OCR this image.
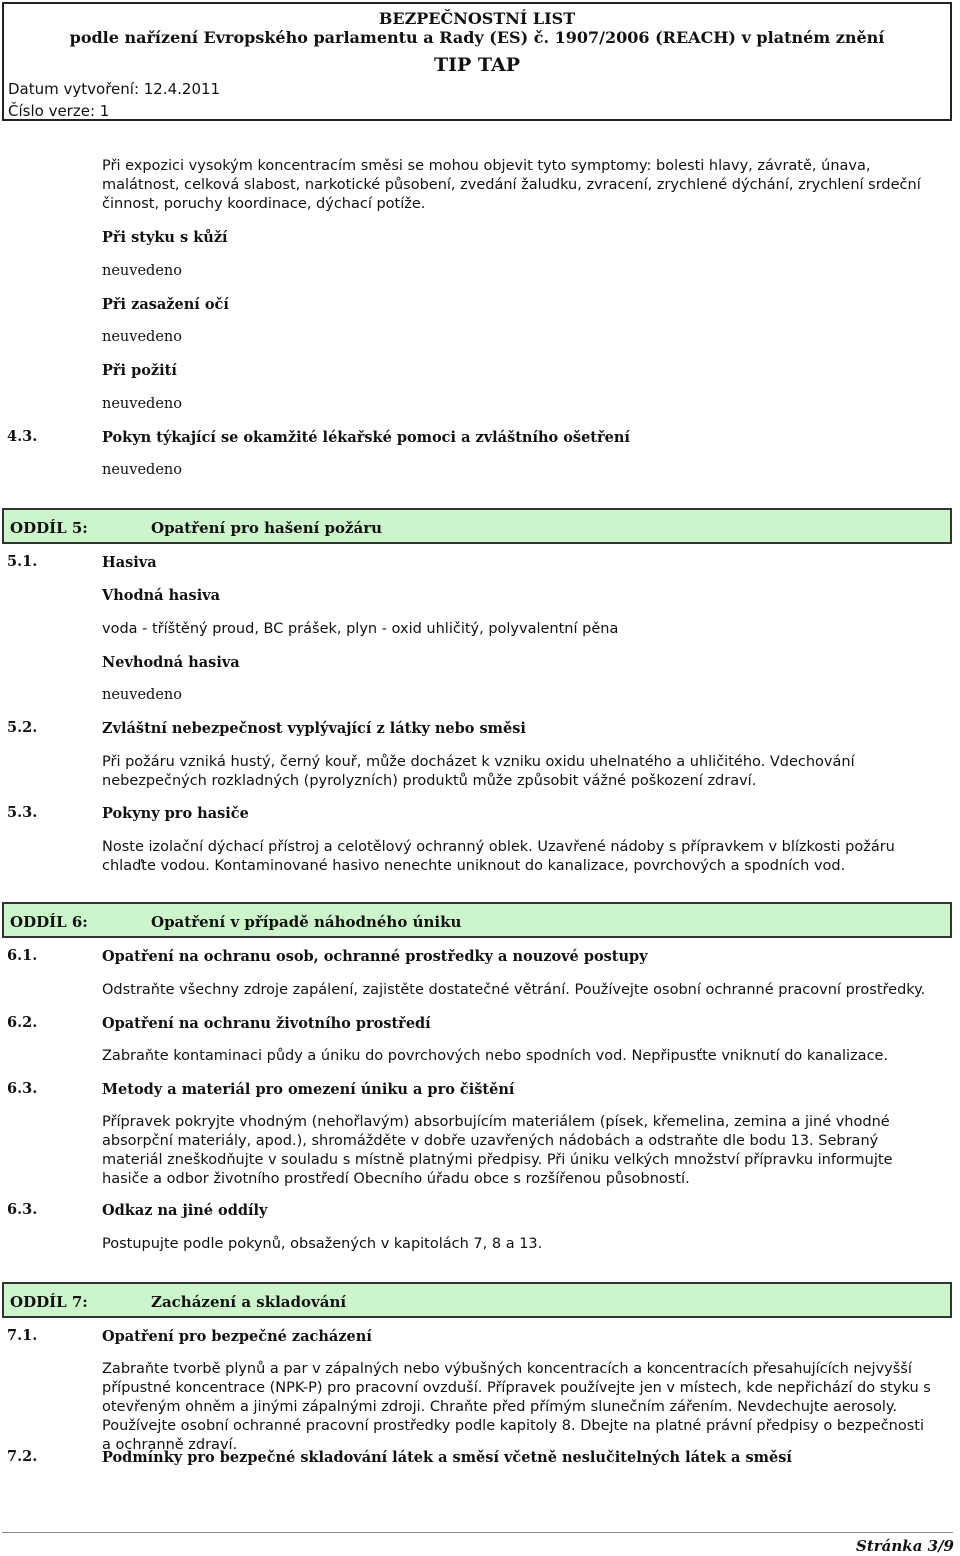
BEZPEČNOSTNÍ LIST
podle nařízení Evropského parlamentu a Rady (ES) č. 1907/2006 (REACH) v platném znění
TIP TAP
Datum vytvoření: 12.4.2011
Číslo verze: 1
Při expozici vysokým koncentracím směsi se mohou objevit tyto symptomy: bolesti hlavy, závratě, únava, malátnost, celková slabost, narkotické působení, zvedání žaludku, zvracení, zrychlené dýchání, zrychlení srdeční činnost, poruchy koordinace, dýchací potíže.
Při styku s kůží
neuvedeno
Při zasažení očí
neuvedeno
Při požití
neuvedeno
4.3.	Pokyn týkající se okamžité lékařské pomoci a zvláštního ošetření
neuvedeno
ODDÍL 5:	Opatření pro hašení požáru
5.1.	Hasiva
Vhodná hasiva
voda - tříštěný proud, BC prášek, plyn - oxid uhličitý, polyvalentní pěna
Nevhodná hasiva
neuvedeno
5.2.	Zvláštní nebezpečnost vyplývající z látky nebo směsi
Při požáru vzniká hustý, černý kouř, může docházet k vzniku oxidu uhelnatého a uhličitého. Vdechování nebezpečných rozkladných (pyrolyzních) produktů může způsobit vážné poškození zdraví.
5.3.	Pokyny pro hasiče
Noste izolační dýchací přístroj a celotělový ochranný oblek. Uzavřené nádoby s přípravkem v blízkosti požáru chlaďte vodou. Kontaminované hasivo nenechte uniknout do kanalizace, povrchových a spodních vod.
ODDÍL 6:	Opatření v případě náhodného úniku
6.1.	Opatření na ochranu osob, ochranné prostředky a nouzové postupy
Odstraňte všechny zdroje zapálení, zajistěte dostatečné větrání. Používejte osobní ochranné pracovní prostředky.
6.2.	Opatření na ochranu životního prostředí
Zabraňte kontaminaci půdy a úniku do povrchových nebo spodních vod. Nepřipusťte vniknutí do kanalizace.
6.3.	Metody a materiál pro omezení úniku a pro čištění
Přípravek pokryjte vhodným (nehořlavým) absorbujícím materiálem (písek, křemelina, zemina a jiné vhodné absorpční materiály, apod.), shromážděte v dobře uzavřených nádobách a odstraňte dle bodu 13. Sebraný materiál zneškodňujte v souladu s místně platnými předpisy. Při úniku velkých množství přípravku informujte hasiče a odbor životního prostředí Obecního úřadu obce s rozšířenou působností.
6.3.	Odkaz na jiné oddíly
Postupujte podle pokynů, obsažených v kapitolách 7, 8 a 13.
ODDÍL 7:	Zacházení a skladování
7.1.	Opatření pro bezpečné zacházení
Zabraňte tvorbě plynů a par v zápalných nebo výbušných koncentracích a koncentracích přesahujících nejvyšší přípustné koncentrace (NPK-P) pro pracovní ovzduší. Přípravek používejte jen v místech, kde nepřichází do styku s otevřeným ohněm a jinými zápalnými zdroji. Chraňte před přímým slunečním zářením. Nevdechujte aerosoly. Používejte osobní ochranné pracovní prostředky podle kapitoly 8. Dbejte na platné právní předpisy o bezpečnosti a ochranně zdraví.
7.2.	Podmínky pro bezpečné skladování látek a směsí včetně neslučitelných látek a směsí
Stránka 3/9
